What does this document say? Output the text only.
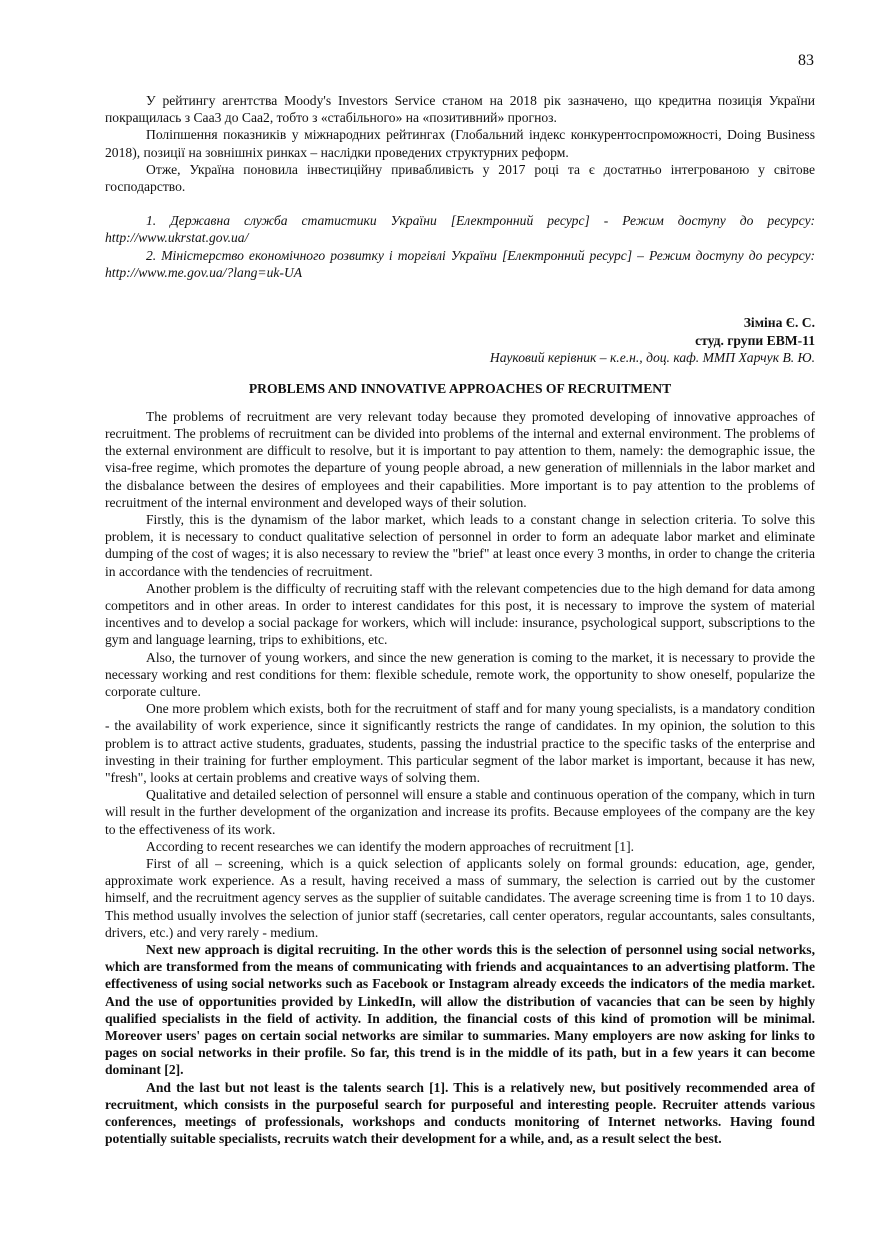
83

У рейтингу агентства Moody's Investors Service станом на 2018 рік зазначено, що кредитна позиція України покращилась з Саа3 до Саа2, тобто з «стабільного» на «позитивний» прогноз.

Поліпшення показників у міжнародних рейтингах (Глобальний індекс конкурентоспроможності, Doing Business 2018), позиції на зовнішніх ринках – наслідки проведених структурних реформ.

Отже, Україна поновила інвестиційну привабливість у 2017 році та є достатньо інтегрованою у світове господарство.

1. Державна служба статистики України [Електронний ресурс] - Режим доступу до ресурсу: http://www.ukrstat.gov.ua/

2. Міністерство економічного розвитку і торгівлі України [Електронний ресурс] – Режим доступу до ресурсу: http://www.me.gov.ua/?lang=uk-UA

Зіміна Є. С.
студ. групи ЕВМ-11
Науковий керівник – к.е.н., доц. каф. ММП Харчук В. Ю.
PROBLEMS AND INNOVATIVE APPROACHES OF RECRUITMENT

The problems of recruitment are very relevant today because they promoted developing of innovative approaches of recruitment. The problems of recruitment can be divided into problems of the internal and external environment. The problems of the external environment are difficult to resolve, but it is important to pay attention to them, namely: the demographic issue, the visa-free regime, which promotes the departure of young people abroad, a new generation of millennials in the labor market and the disbalance between the desires of employees and their capabilities. More important is to pay attention to the problems of recruitment of the internal environment and developed ways of their solution.

Firstly, this is the dynamism of the labor market, which leads to a constant change in selection criteria. To solve this problem, it is necessary to conduct qualitative selection of personnel in order to form an adequate labor market and eliminate dumping of the cost of wages; it is also necessary to review the "brief" at least once every 3 months, in order to change the criteria in accordance with the tendencies of recruitment.

Another problem is the difficulty of recruiting staff with the relevant competencies due to the high demand for data among competitors and in other areas. In order to interest candidates for this post, it is necessary to improve the system of material incentives and to develop a social package for workers, which will include: insurance, psychological support, subscriptions to the gym and language learning, trips to exhibitions, etc.

Also, the turnover of young workers, and since the new generation is coming to the market, it is necessary to provide the necessary working and rest conditions for them: flexible schedule, remote work, the opportunity to show oneself, popularize the corporate culture.

One more problem which exists, both for the recruitment of staff and for many young specialists, is a mandatory condition - the availability of work experience, since it significantly restricts the range of candidates. In my opinion, the solution to this problem is to attract active students, graduates, students, passing the industrial practice to the specific tasks of the enterprise and investing in their training for further employment. This particular segment of the labor market is important, because it has new, "fresh", looks at certain problems and creative ways of solving them.

Qualitative and detailed selection of personnel will ensure a stable and continuous operation of the company, which in turn will result in the further development of the organization and increase its profits. Because employees of the company are the key to the effectiveness of its work.

According to recent researches we can identify the modern approaches of recruitment [1].

First of all – screening, which is a quick selection of applicants solely on formal grounds: education, age, gender, approximate work experience. As a result, having received a mass of summary, the selection is carried out by the customer himself, and the recruitment agency serves as the supplier of suitable candidates. The average screening time is from 1 to 10 days. This method usually involves the selection of junior staff (secretaries, call center operators, regular accountants, sales consultants, drivers, etc.) and very rarely - medium.

Next new approach is digital recruiting. In the other words this is the selection of personnel using social networks, which are transformed from the means of communicating with friends and acquaintances to an advertising platform. The effectiveness of using social networks such as Facebook or Instagram already exceeds the indicators of the media market. And the use of opportunities provided by LinkedIn, will allow the distribution of vacancies that can be seen by highly qualified specialists in the field of activity. In addition, the financial costs of this kind of promotion will be minimal. Moreover users' pages on certain social networks are similar to summaries. Many employers are now asking for links to pages on social networks in their profile. So far, this trend is in the middle of its path, but in a few years it can become dominant [2].

And the last but not least is the talents search [1]. This is a relatively new, but positively recommended area of recruitment, which consists in the purposeful search for purposeful and interesting people. Recruiter attends various conferences, meetings of professionals, workshops and conducts monitoring of Internet networks. Having found potentially suitable specialists, recruits watch their development for a while, and, as a result select the best.
